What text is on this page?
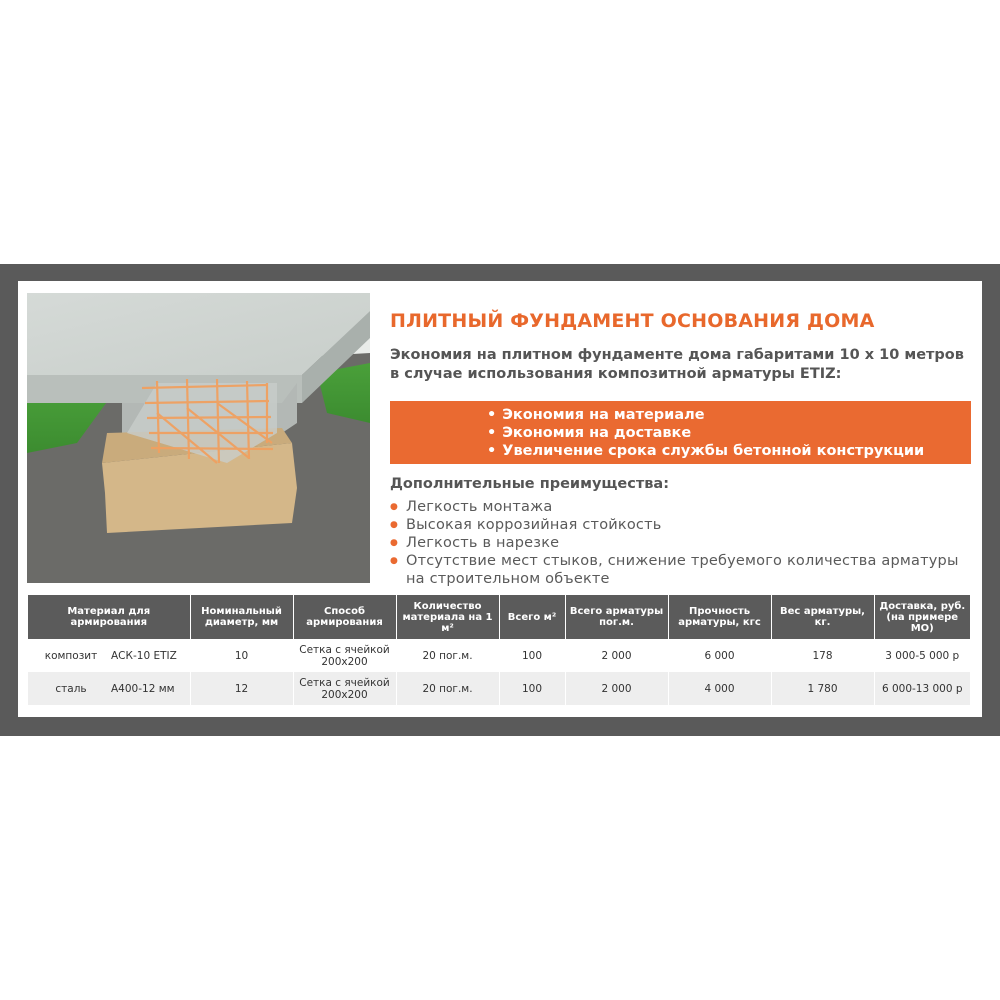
ПЛИТНЫЙ ФУНДАМЕНТ ОСНОВАНИЯ ДОМА
Экономия на плитном фундаменте дома габаритами 10 х 10 метров
в случае использования композитной арматуры ETIZ:
• Экономия на материале
• Экономия на доставке
• Увеличение срока службы бетонной конструкции
Дополнительные преимущества:
● Легкость монтажа
● Высокая коррозийная стойкость
● Легкость в нарезке
● Отсутствие мест стыков, снижение требуемого количества арматуры на строительном объекте
Материал для армирования	Номинальный диаметр, мм	Способ армирования	Количество материала на 1 м²	Всего м²	Всего арматуры пог.м.	Прочность арматуры, кгс	Вес арматуры, кг.	Доставка, руб. (на примере МО)

композит АСК-10 ETIZ	10	Сетка с ячейкой 200х200	20 пог.м.	100	2 000	6 000	178	3 000-5 000 р

сталь А400-12 мм	12	Сетка с ячейкой 200х200	20 пог.м.	100	2 000	4 000	1 780	6 000-13 000 р
